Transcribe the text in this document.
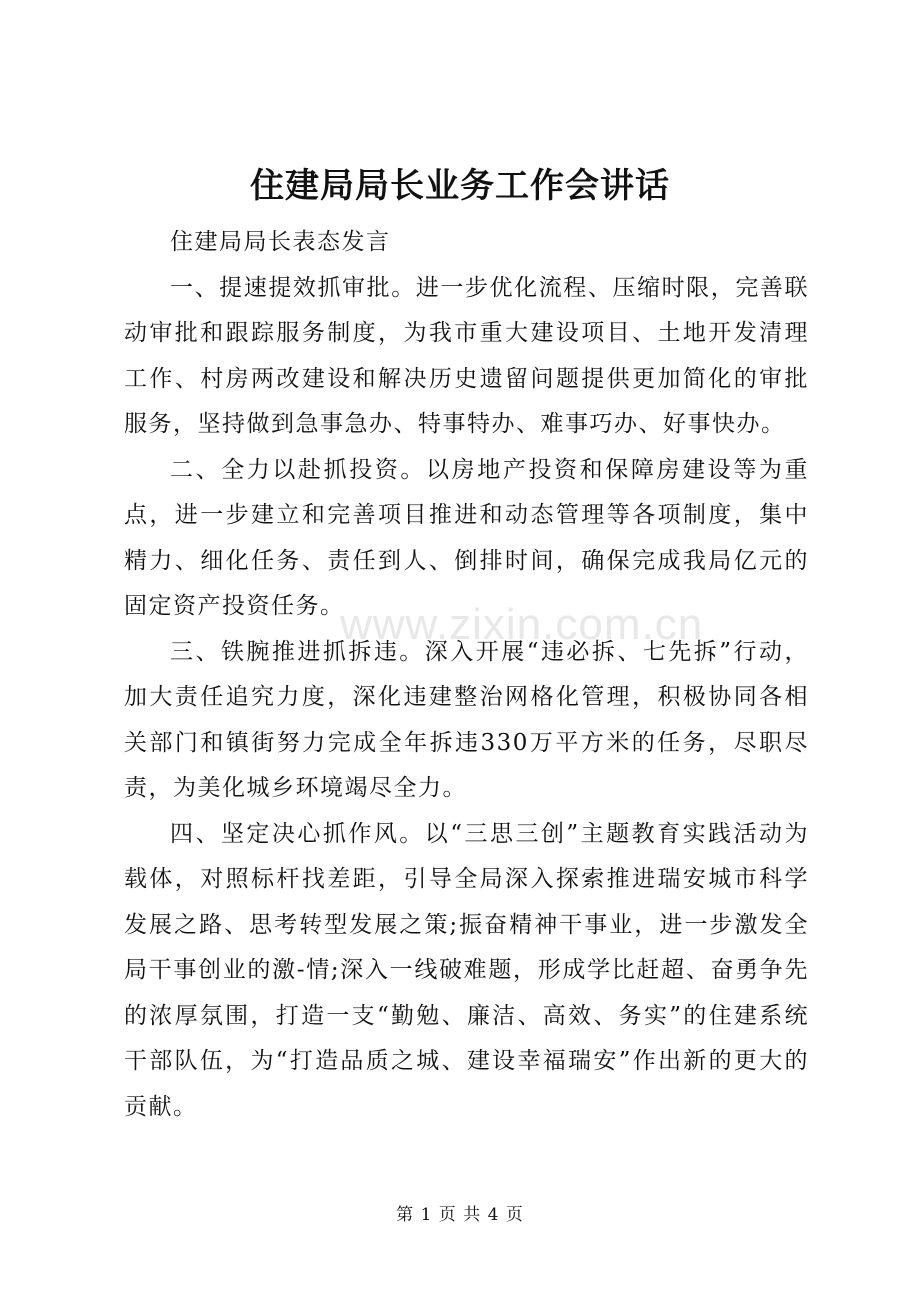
住建局局长业务工作会讲话
www.zixin.com.cn

住建局局长表态发言

一、提速提效抓审批。进一步优化流程、压缩时限，完善联动审批和跟踪服务制度，为我市重大建设项目、土地开发清理工作、村房两改建设和解决历史遗留问题提供更加简化的审批服务，坚持做到急事急办、特事特办、难事巧办、好事快办。

二、全力以赴抓投资。以房地产投资和保障房建设等为重点，进一步建立和完善项目推进和动态管理等各项制度，集中精力、细化任务、责任到人、倒排时间，确保完成我局亿元的固定资产投资任务。

三、铁腕推进抓拆违。深入开展“违必拆、七先拆”行动，加大责任追究力度，深化违建整治网格化管理，积极协同各相关部门和镇街努力完成全年拆违330万平方米的任务，尽职尽责，为美化城乡环境竭尽全力。

四、坚定决心抓作风。以“三思三创”主题教育实践活动为载体，对照标杆找差距，引导全局深入探索推进瑞安城市科学发展之路、思考转型发展之策;振奋精神干事业，进一步激发全局干事创业的激-情;深入一线破难题，形成学比赶超、奋勇争先的浓厚氛围，打造一支“勤勉、廉洁、高效、务实”的住建系统干部队伍，为“打造品质之城、建设幸福瑞安”作出新的更大的贡献。

第 1 页 共 4 页
